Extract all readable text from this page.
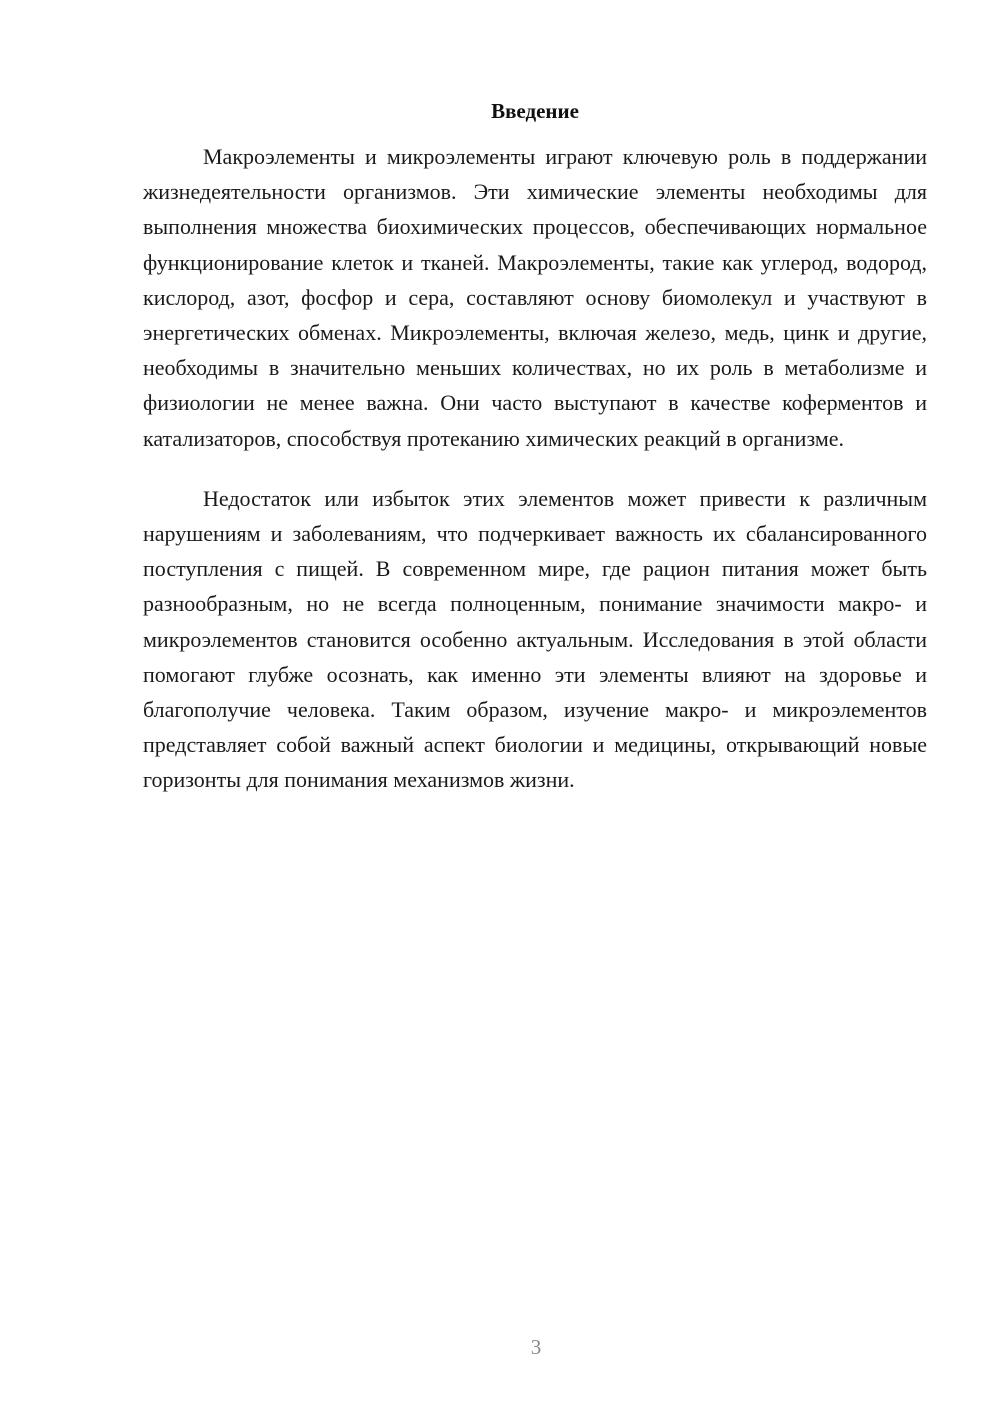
Введение

Макроэлементы и микроэлементы играют ключевую роль в поддержании жизнедеятельности организмов. Эти химические элементы необходимы для выполнения множества биохимических процессов, обеспечивающих нормальное функционирование клеток и тканей. Макроэлементы, такие как углерод, водород, кислород, азот, фосфор и сера, составляют основу биомолекул и участвуют в энергетических обменах. Микроэлементы, включая железо, медь, цинк и другие, необходимы в значительно меньших количествах, но их роль в метаболизме и физиологии не менее важна. Они часто выступают в качестве коферментов и катализаторов, способствуя протеканию химических реакций в организме.

Недостаток или избыток этих элементов может привести к различным нарушениям и заболеваниям, что подчеркивает важность их сбалансированного поступления с пищей. В современном мире, где рацион питания может быть разнообразным, но не всегда полноценным, понимание значимости макро- и микроэлементов становится особенно актуальным. Исследования в этой области помогают глубже осознать, как именно эти элементы влияют на здоровье и благополучие человека. Таким образом, изучение макро- и микроэлементов представляет собой важный аспект биологии и медицины, открывающий новые горизонты для понимания механизмов жизни.

3
